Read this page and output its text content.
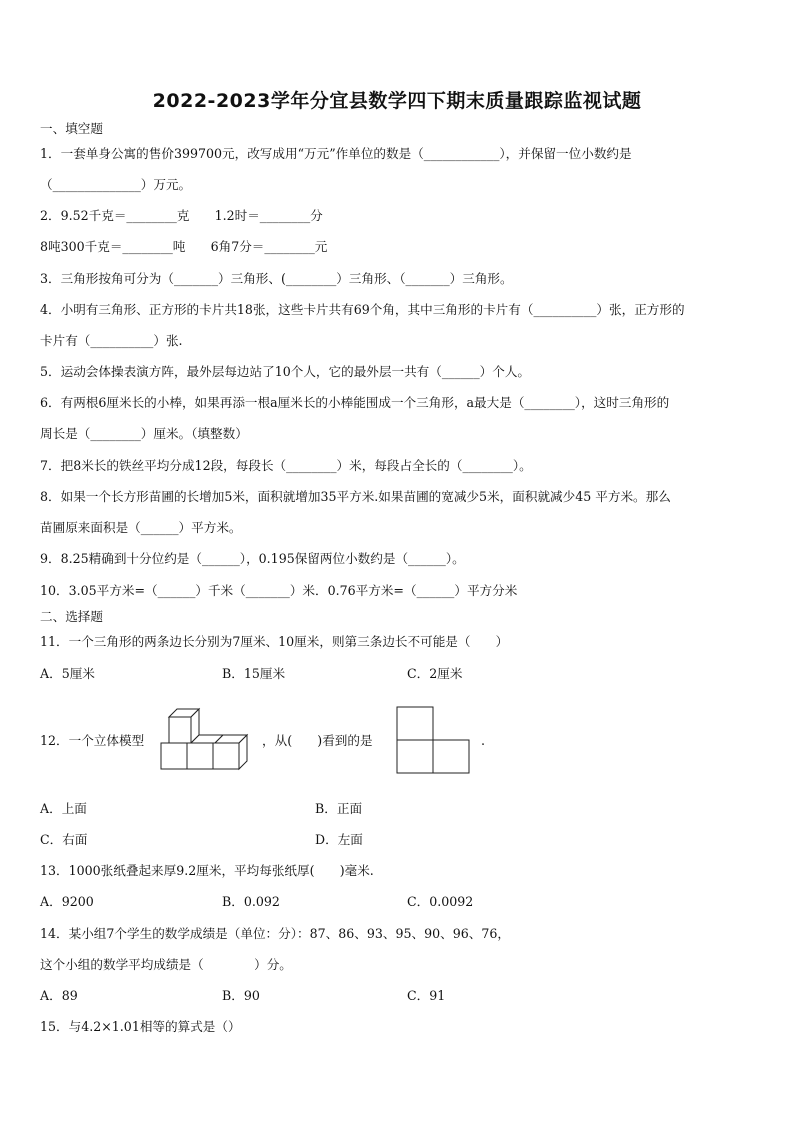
2022-2023学年分宜县数学四下期末质量跟踪监视试题
一、填空题
1．一套单身公寓的售价399700元，改写成用“万元”作单位的数是（____________），并保留一位小数约是
（______________）万元。
2．9.52千克＝________克　　1.2时＝________分
8吨300千克＝________吨　　6角7分＝________元
3．三角形按角可分为（_______）三角形、(________）三角形、（_______）三角形。
4．小明有三角形、正方形的卡片共18张，这些卡片共有69个角，其中三角形的卡片有（__________）张，正方形的
卡片有（__________）张.
5．运动会体操表演方阵，最外层每边站了10个人，它的最外层一共有（______）个人。
6．有两根6厘米长的小棒，如果再添一根a厘米长的小棒能围成一个三角形，a最大是（________），这时三角形的
周长是（________）厘米。（填整数）
7．把8米长的铁丝平均分成12段，每段长（________）米，每段占全长的（________）。
8．如果一个长方形苗圃的长增加5米，面积就增加35平方米.如果苗圃的宽减少5米，面积就减少45 平方米。那么
苗圃原来面积是（______）平方米。
9．8.25精确到十分位约是（______），0.195保留两位小数约是（______）。
10．3.05平方米=（______）千米（_______）米．0.76平方米=（______）平方分米
二、选择题
11．一个三角形的两条边长分别为7厘米、10厘米，则第三条边长不可能是（　　）
A．5厘米	B．15厘米	C．2厘米
12．一个立体模型	，从(　　)看到的是	.
A．上面	B．正面
C．右面	D．左面
13．1000张纸叠起来厚9.2厘米，平均每张纸厚(　　)毫米.
A．9200	B．0.092	C．0.0092
14．某小组7个学生的数学成绩是（单位：分）：87、86、93、95、90、96、76，
这个小组的数学平均成绩是（　　　　）分。
A．89	B．90	C．91
15．与4.2×1.01相等的算式是（）
